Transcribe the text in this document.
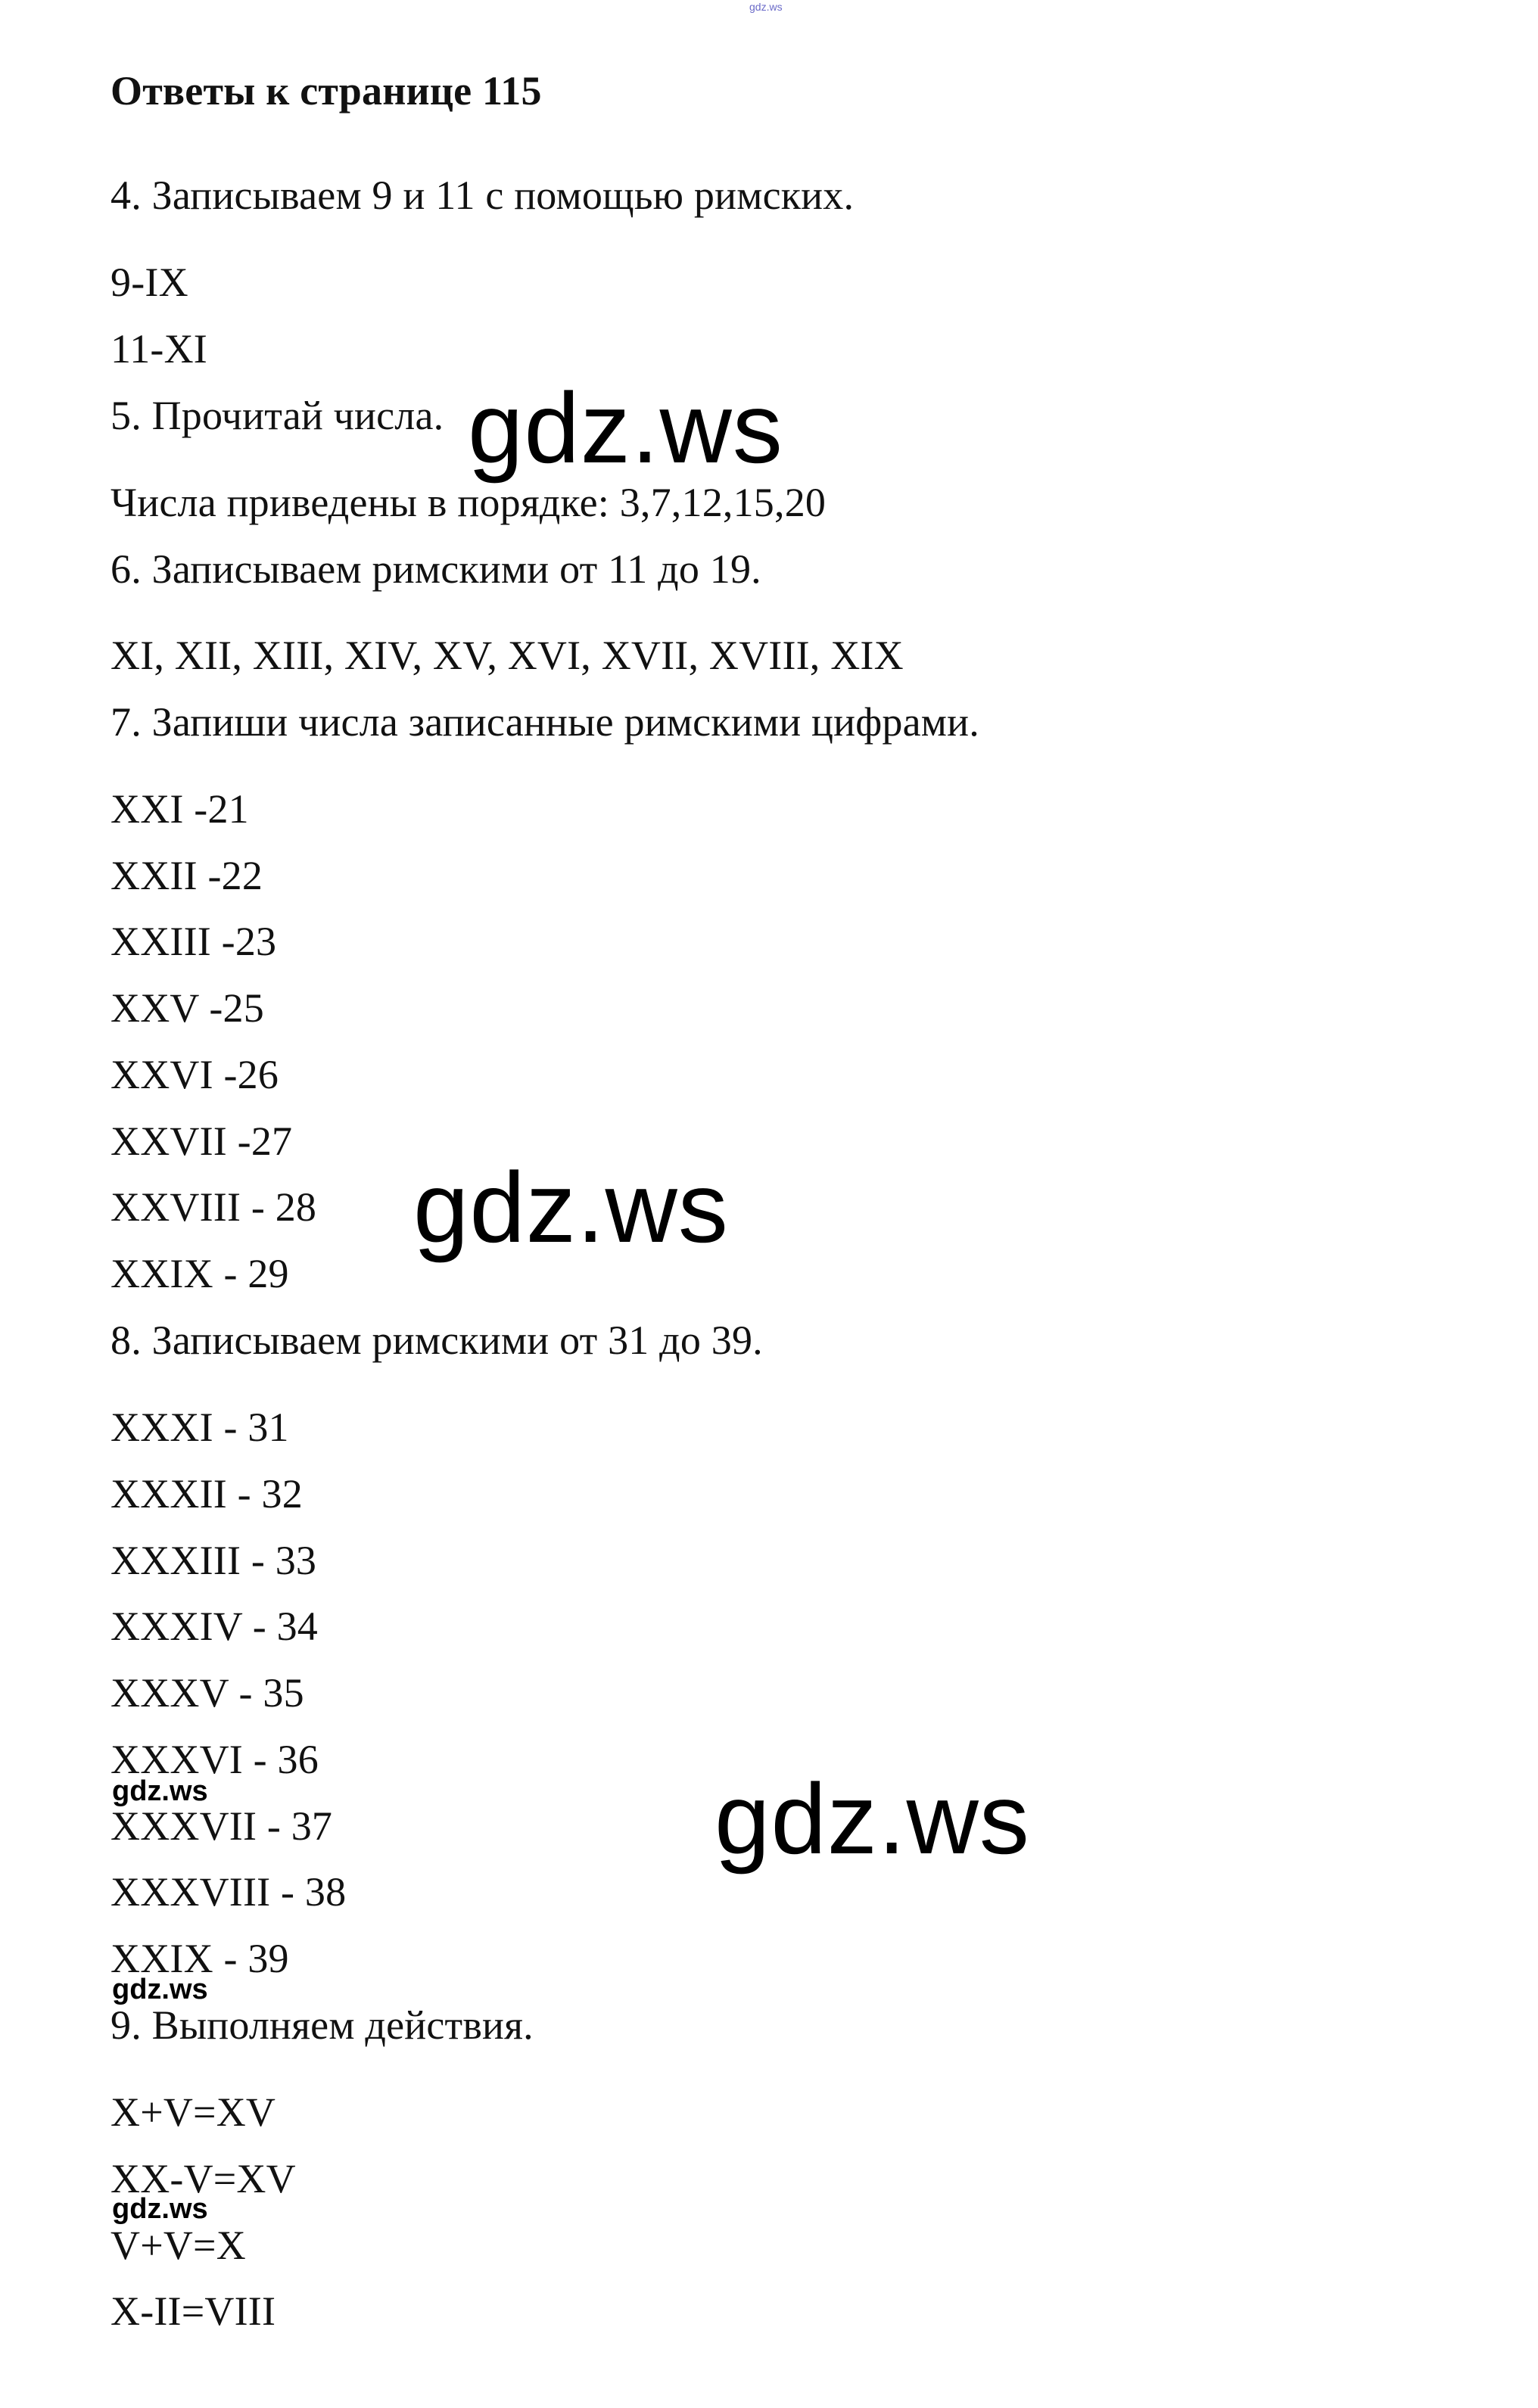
gdz.ws
Ответы к странице 115
4. Записываем 9 и 11 с помощью римских.
9-IX
11-XI
5. Прочитай числа.
Числа приведены в порядке: 3,7,12,15,20
6. Записываем римскими от 11 до 19.
XI, XII, XIII, XIV, XV, XVI, XVII, XVIII, XIX
7. Запиши числа записанные римскими цифрами.
XXI -21
XXII -22
XXIII -23
XXV -25
XXVI -26
XXVII -27
XXVIII - 28
XXIX - 29
8. Записываем римскими от 31 до 39.
XXXI - 31
XXXII - 32
XXXIII - 33
XXXIV - 34
XXXV - 35
XXXVI - 36
XXXVII - 37
XXXVIII - 38
XXIX - 39
9. Выполняем действия.
X+V=XV
XX-V=XV
V+V=X
X-II=VIII
gdz.ws
gdz.ws
gdz.ws
gdz.ws
gdz.ws
gdz.ws
